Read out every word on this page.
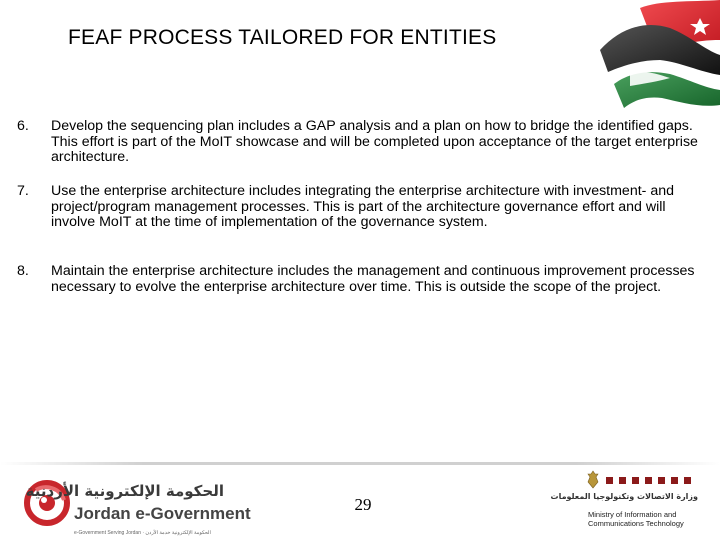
FEAF PROCESS TAILORED FOR ENTITIES
6.	Develop the sequencing plan includes a GAP analysis and a plan on how to bridge the identified gaps. This effort is part of the MoIT showcase and will be completed upon acceptance of the target enterprise architecture.
7.	Use the enterprise architecture includes integrating the enterprise architecture with investment- and project/program management processes. This is part of the architecture governance effort and will involve MoIT at the time of implementation of the governance system.
8.	Maintain the enterprise architecture includes the management and continuous improvement processes necessary to evolve the enterprise architecture over time. This is outside the scope of the project.
الحكومة الإلكترونية الأردنية
Jordan e-Government
e-Government Serving Jordan · الحكومة الإلكترونية خدمة الأردن
29	وزارة الاتصالات وتكنولوجيا المعلومات
Ministry of Information and
Communications Technology
